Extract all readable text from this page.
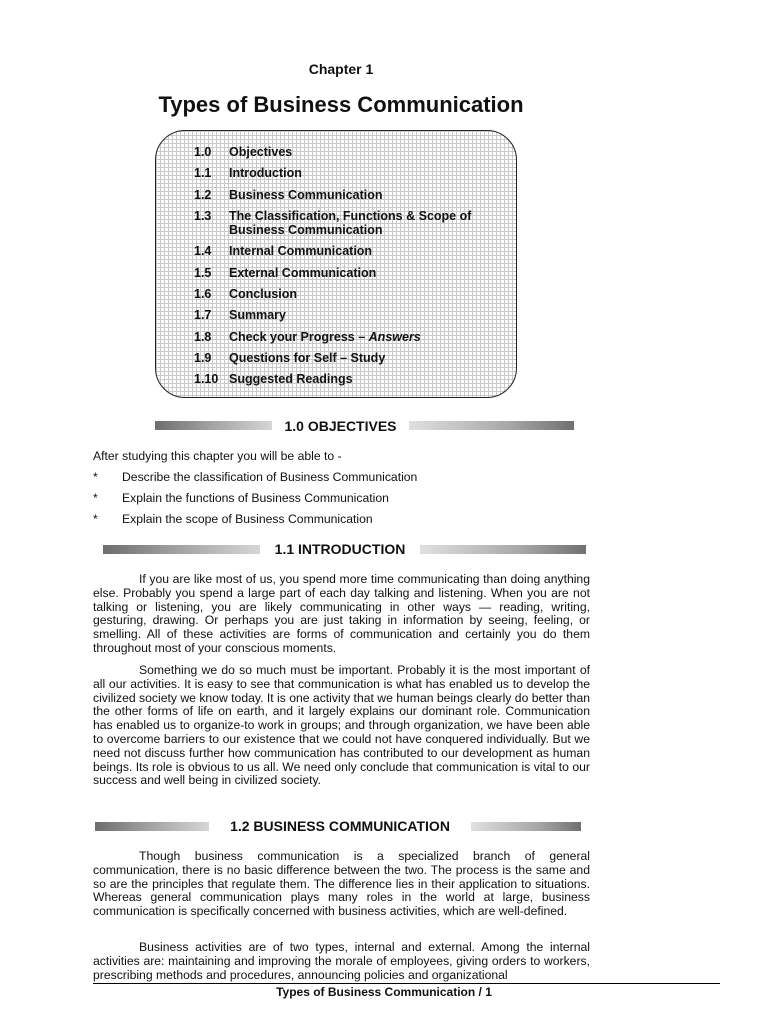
Chapter 1
Types of Business Communication
1.0 Objectives
1.1 Introduction
1.2 Business Communication
1.3 The Classification, Functions & Scope of
Business Communication
1.4 Internal Communication
1.5 External Communication
1.6 Conclusion
1.7 Summary
1.8 Check your Progress – Answers
1.9 Questions for Self – Study
1.10 Suggested Readings
1.0 OBJECTIVES
After studying this chapter you will be able to -
* Describe the classification of Business Communication
* Explain the functions of Business Communication
* Explain the scope of Business Communication
1.1 INTRODUCTION
If you are like most of us, you spend more time communicating than doing anything else. Probably you spend a large part of each day talking and listening. When you are not talking or listening, you are likely communicating in other ways — reading, writing, gesturing, drawing. Or perhaps you are just taking in information by seeing, feeling, or smelling. All of these activities are forms of communication and certainly you do them throughout most of your conscious moments.
Something we do so much must be important. Probably it is the most important of all our activities. It is easy to see that communication is what has enabled us to develop the civilized society we know today. It is one activity that we human beings clearly do better than the other forms of life on earth, and it largely explains our dominant role. Communication has enabled us to organize-to work in groups; and through organization, we have been able to overcome barriers to our existence that we could not have conquered individually. But we need not discuss further how communication has contributed to our development as human beings. Its role is obvious to us all. We need only conclude that communication is vital to our success and well being in civilized society.
1.2 BUSINESS COMMUNICATION
Though business communication is a specialized branch of general communication, there is no basic difference between the two. The process is the same and so are the principles that regulate them. The difference lies in their application to situations. Whereas general communication plays many roles in the world at large, business communication is specifically concerned with business activities, which are well-defined.
Business activities are of two types, internal and external. Among the internal activities are: maintaining and improving the morale of employees, giving orders to workers, prescribing methods and procedures, announcing policies and organizational
Types of Business Communication / 1
